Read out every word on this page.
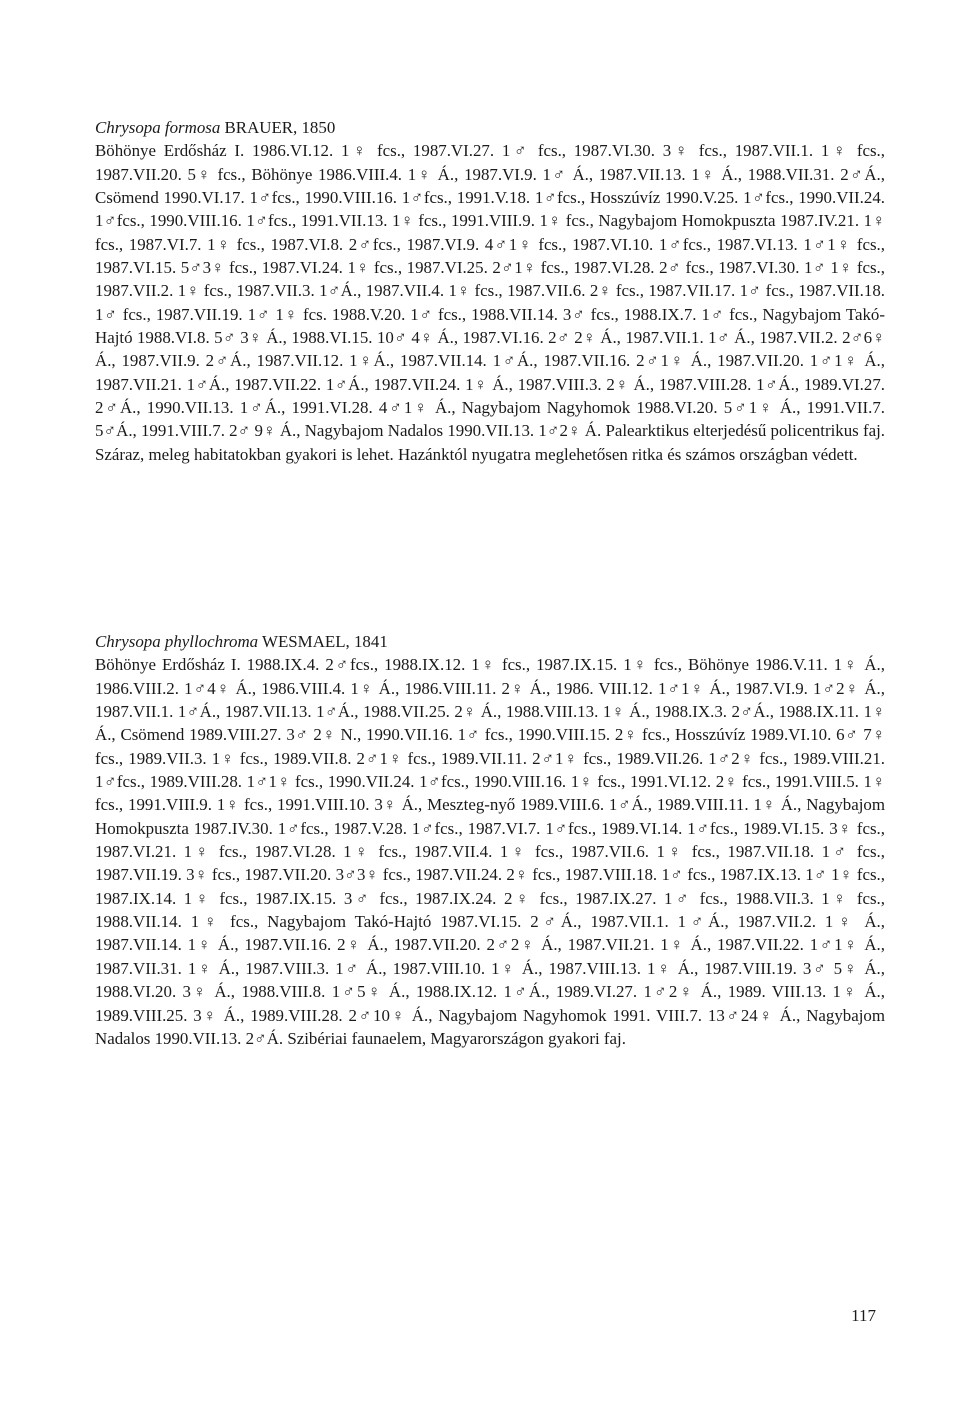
Chrysopa formosa BRAUER, 1850
Böhönye Erdősház I. 1986.VI.12. 1♀ fcs., 1987.VI.27. 1♂ fcs., 1987.VI.30. 3♀ fcs., 1987.VII.1. 1♀ fcs., 1987.VII.20. 5♀ fcs., Böhönye 1986.VIII.4. 1♀ Á., 1987.VI.9. 1♂ Á., 1987.VII.13. 1♀ Á., 1988.VII.31. 2♂Á., Csömend 1990.VI.17. 1♂fcs., 1990.VIII.16. 1♂fcs., 1991.V.18. 1♂fcs., Hosszúvíz 1990.V.25. 1♂fcs., 1990.VII.24. 1♂fcs., 1990.VIII.16. 1♂fcs., 1991.VII.13. 1♀ fcs., 1991.VIII.9. 1♀ fcs., Nagybajom Homokpuszta 1987.IV.21. 1♀ fcs., 1987.VI.7. 1♀ fcs., 1987.VI.8. 2♂fcs., 1987.VI.9. 4♂1♀ fcs., 1987.VI.10. 1♂fcs., 1987.VI.13. 1♂1♀ fcs., 1987.VI.15. 5♂3♀ fcs., 1987.VI.24. 1♀ fcs., 1987.VI.25. 2♂1♀ fcs., 1987.VI.28. 2♂ fcs., 1987.VI.30. 1♂ 1♀ fcs., 1987.VII.2. 1♀ fcs., 1987.VII.3. 1♂Á., 1987.VII.4. 1♀ fcs., 1987.VII.6. 2♀ fcs., 1987.VII.17. 1♂ fcs., 1987.VII.18. 1♂ fcs., 1987.VII.19. 1♂ 1♀ fcs. 1988.V.20. 1♂ fcs., 1988.VII.14. 3♂ fcs., 1988.IX.7. 1♂ fcs., Nagybajom Takó-Hajtó 1988.VI.8. 5♂ 3♀ Á., 1988.VI.15. 10♂ 4♀ Á., 1987.VI.16. 2♂ 2♀ Á., 1987.VII.1. 1♂ Á., 1987.VII.2. 2♂6♀ Á., 1987.VII.9. 2♂Á., 1987.VII.12. 1♀Á., 1987.VII.14. 1♂Á., 1987.VII.16. 2♂1♀ Á., 1987.VII.20. 1♂1♀ Á., 1987.VII.21. 1♂Á., 1987.VII.22. 1♂Á., 1987.VII.24. 1♀ Á., 1987.VIII.3. 2♀ Á., 1987.VIII.28. 1♂Á., 1989.VI.27. 2♂Á., 1990.VII.13. 1♂Á., 1991.VI.28. 4♂1♀ Á., Nagybajom Nagyhomok 1988.VI.20. 5♂1♀ Á., 1991.VII.7. 5♂Á., 1991.VIII.7. 2♂ 9♀ Á., Nagybajom Nadalos 1990.VII.13. 1♂2♀ Á. Palearktikus elterjedésű policentrikus faj. Száraz, meleg habitatokban gyakori is lehet. Hazánktól nyugatra meglehetősen ritka és számos országban védett.
Chrysopa phyllochroma WESMAEL, 1841
Böhönye Erdősház I. 1988.IX.4. 2♂fcs., 1988.IX.12. 1♀ fcs., 1987.IX.15. 1♀ fcs., Böhönye 1986.V.11. 1♀ Á., 1986.VIII.2. 1♂4♀ Á., 1986.VIII.4. 1♀ Á., 1986.VIII.11. 2♀ Á., 1986. VIII.12. 1♂1♀ Á., 1987.VI.9. 1♂2♀ Á., 1987.VII.1. 1♂Á., 1987.VII.13. 1♂Á., 1988.VII.25. 2♀ Á., 1988.VIII.13. 1♀ Á., 1988.IX.3. 2♂Á., 1988.IX.11. 1♀ Á., Csömend 1989.VIII.27. 3♂ 2♀ N., 1990.VII.16. 1♂ fcs., 1990.VIII.15. 2♀ fcs., Hosszúvíz 1989.VI.10. 6♂ 7♀ fcs., 1989.VII.3. 1♀ fcs., 1989.VII.8. 2♂1♀ fcs., 1989.VII.11. 2♂1♀ fcs., 1989.VII.26. 1♂2♀ fcs., 1989.VIII.21. 1♂fcs., 1989.VIII.28. 1♂1♀ fcs., 1990.VII.24. 1♂fcs., 1990.VIII.16. 1♀ fcs., 1991.VI.12. 2♀ fcs., 1991.VIII.5. 1♀ fcs., 1991.VIII.9. 1♀ fcs., 1991.VIII.10. 3♀ Á., Meszteg-nyő 1989.VIII.6. 1♂Á., 1989.VIII.11. 1♀ Á., Nagybajom Homokpuszta 1987.IV.30. 1♂fcs., 1987.V.28. 1♂fcs., 1987.VI.7. 1♂fcs., 1989.VI.14. 1♂fcs., 1989.VI.15. 3♀ fcs., 1987.VI.21. 1♀ fcs., 1987.VI.28. 1♀ fcs., 1987.VII.4. 1♀ fcs., 1987.VII.6. 1♀ fcs., 1987.VII.18. 1♂ fcs., 1987.VII.19. 3♀ fcs., 1987.VII.20. 3♂3♀ fcs., 1987.VII.24. 2♀ fcs., 1987.VIII.18. 1♂ fcs., 1987.IX.13. 1♂ 1♀ fcs., 1987.IX.14. 1♀ fcs., 1987.IX.15. 3♂ fcs., 1987.IX.24. 2♀ fcs., 1987.IX.27. 1♂ fcs., 1988.VII.3. 1♀ fcs., 1988.VII.14. 1♀ fcs., Nagybajom Takó-Hajtó 1987.VI.15. 2♂Á., 1987.VII.1. 1♂Á., 1987.VII.2. 1♀ Á., 1987.VII.14. 1♀ Á., 1987.VII.16. 2♀ Á., 1987.VII.20. 2♂2♀ Á., 1987.VII.21. 1♀ Á., 1987.VII.22. 1♂1♀ Á., 1987.VII.31. 1♀ Á., 1987.VIII.3. 1♂ Á., 1987.VIII.10. 1♀ Á., 1987.VIII.13. 1♀ Á., 1987.VIII.19. 3♂ 5♀ Á., 1988.VI.20. 3♀ Á., 1988.VIII.8. 1♂5♀ Á., 1988.IX.12. 1♂Á., 1989.VI.27. 1♂2♀ Á., 1989. VIII.13. 1♀ Á., 1989.VIII.25. 3♀ Á., 1989.VIII.28. 2♂10♀ Á., Nagybajom Nagyhomok 1991. VIII.7. 13♂24♀ Á., Nagybajom Nadalos 1990.VII.13. 2♂Á. Szibériai faunaelem, Magyarországon gyakori faj.
117
